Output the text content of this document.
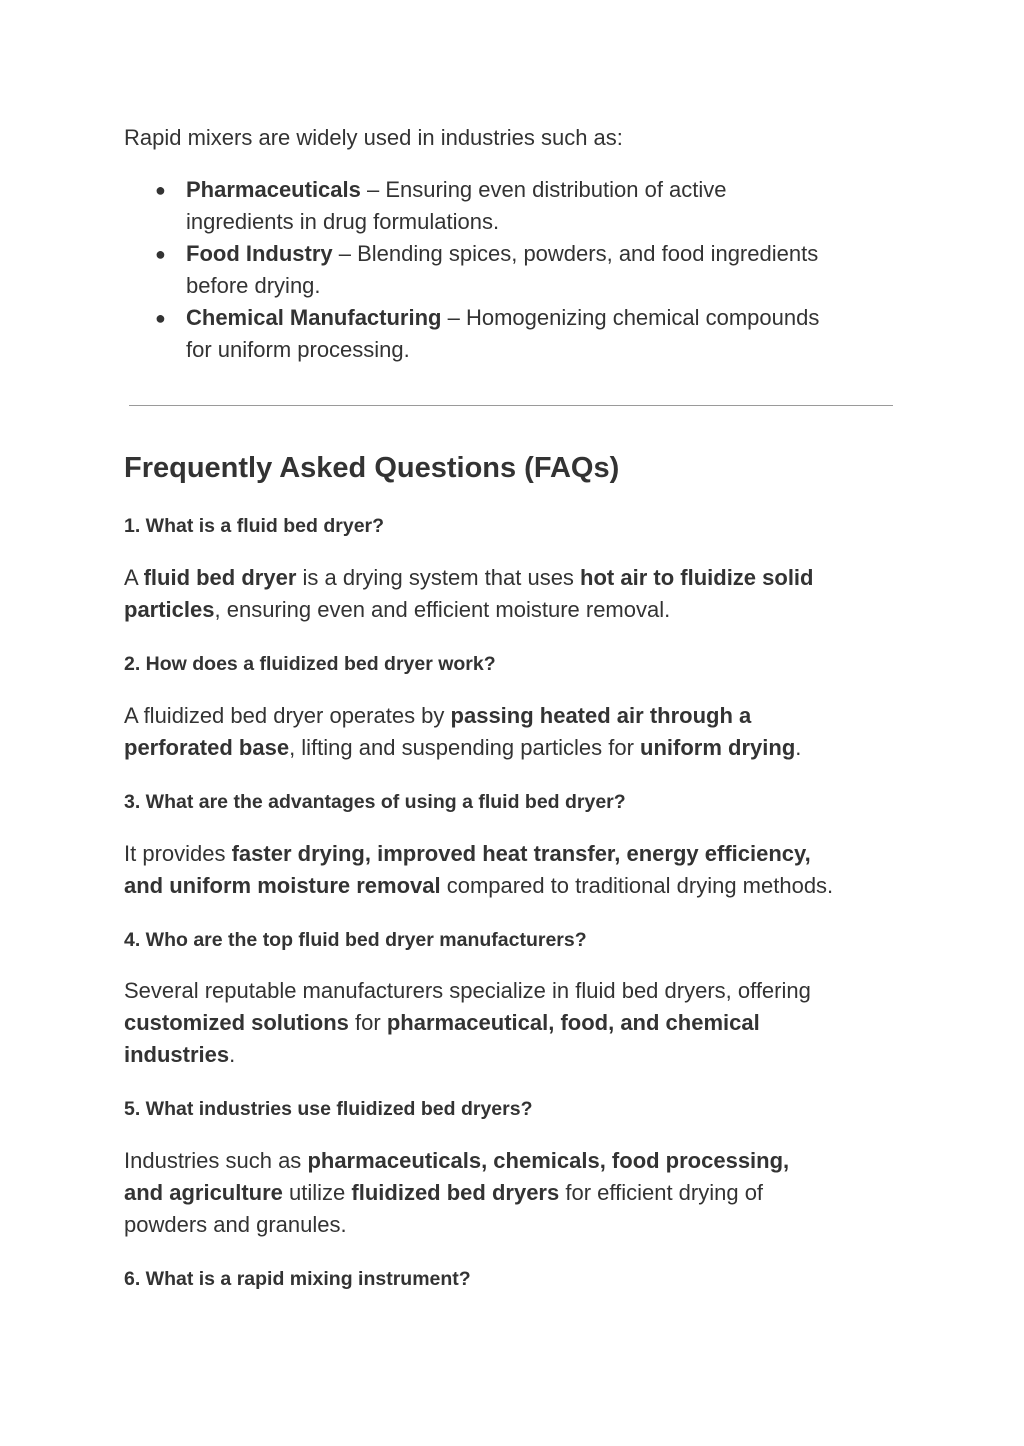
Rapid mixers are widely used in industries such as:

● Pharmaceuticals – Ensuring even distribution of active
ingredients in drug formulations.
● Food Industry – Blending spices, powders, and food ingredients
before drying.
● Chemical Manufacturing – Homogenizing chemical compounds
for uniform processing.
Frequently Asked Questions (FAQs)

1. What is a fluid bed dryer?

A fluid bed dryer is a drying system that uses hot air to fluidize solid
particles, ensuring even and efficient moisture removal.

2. How does a fluidized bed dryer work?

A fluidized bed dryer operates by passing heated air through a
perforated base, lifting and suspending particles for uniform drying.

3. What are the advantages of using a fluid bed dryer?

It provides faster drying, improved heat transfer, energy efficiency,
and uniform moisture removal compared to traditional drying methods.

4. Who are the top fluid bed dryer manufacturers?

Several reputable manufacturers specialize in fluid bed dryers, offering
customized solutions for pharmaceutical, food, and chemical
industries.

5. What industries use fluidized bed dryers?

Industries such as pharmaceuticals, chemicals, food processing,
and agriculture utilize fluidized bed dryers for efficient drying of
powders and granules.

6. What is a rapid mixing instrument?
